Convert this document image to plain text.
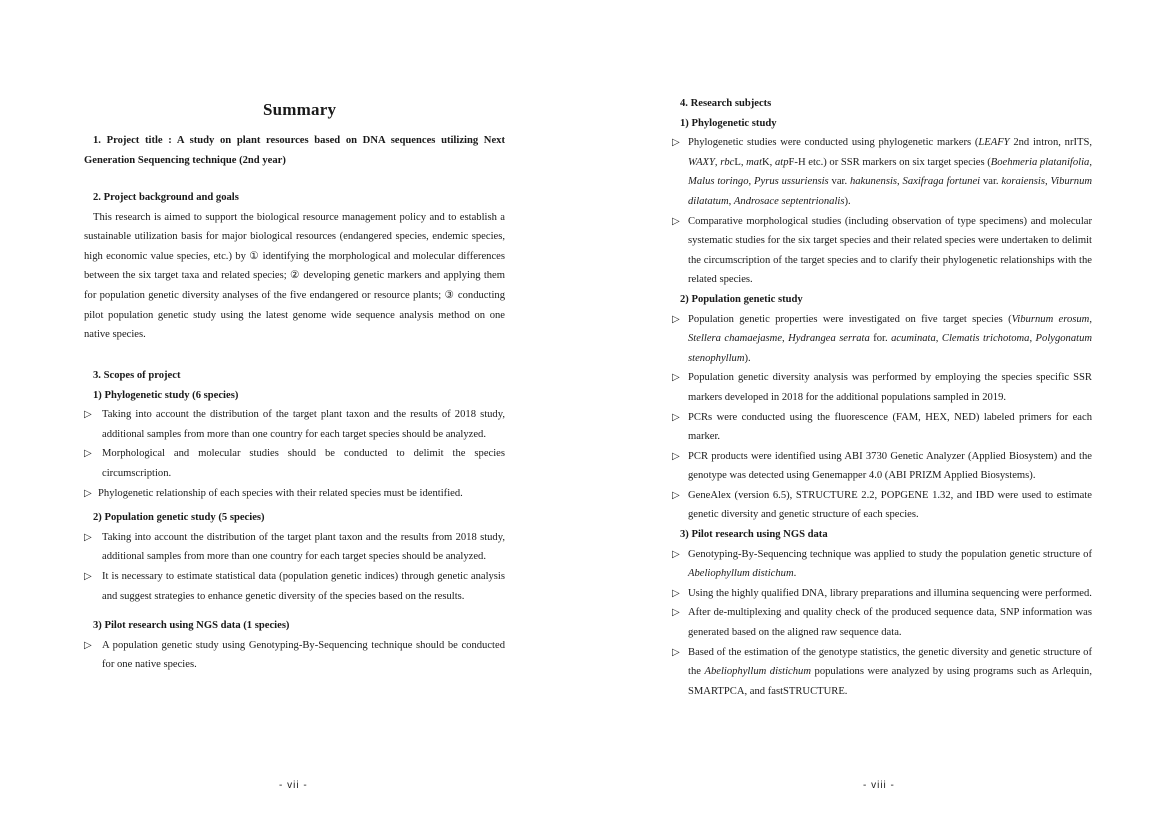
Summary

1. Project title : A study on plant resources based on DNA sequences utilizing Next

Generation Sequencing technique (2nd year)

2. Project background and goals

This research is aimed to support the biological resource management policy and to establish a sustainable utilization basis for major biological resources (endangered species, endemic species, high economic value species, etc.) by ① identifying the morphological and molecular differences between the six target taxa and related species; ② developing genetic markers and applying them for population genetic diversity analyses of the five endangered or resource plants; ③ conducting pilot population genetic study using the latest genome wide sequence analysis method on one native species.

3. Scopes of project

1) Phylogenetic study (6 species)

▷ Taking into account the distribution of the target plant taxon and the results of 2018 study, additional samples from more than one country for each target species should be analyzed.
▷ Morphological and molecular studies should be conducted to delimit the species circumscription.
▷ Phylogenetic relationship of each species with their related species must be identified.

2) Population genetic study (5 species)

▷ Taking into account the distribution of the target plant taxon and the results from 2018 study, additional samples from more than one country for each target species should be analyzed.
▷ It is necessary to estimate statistical data (population genetic indices) through genetic analysis and suggest strategies to enhance genetic diversity of the species based on the results.

3) Pilot research using NGS data (1 species)

▷ A population genetic study using Genotyping-By-Sequencing technique should be conducted for one native species.
- vii -

4. Research subjects

1) Phylogenetic study

▷ Phylogenetic studies were conducted using phylogenetic markers (LEAFY 2nd intron, nrITS, WAXY, rbcL, matK, atpF-H etc.) or SSR markers on six target species (Boehmeria platanifolia, Malus toringo, Pyrus ussuriensis var. hakunensis, Saxifraga fortunei var. koraiensis, Viburnum dilatatum, Androsace septentrionalis).
▷ Comparative morphological studies (including observation of type specimens) and molecular systematic studies for the six target species and their related species were undertaken to delimit the circumscription of the target species and to clarify their phylogenetic relationships with the related species.

2) Population genetic study

▷ Population genetic properties were investigated on five target species (Viburnum erosum, Stellera chamaejasme, Hydrangea serrata for. acuminata, Clematis trichotoma, Polygonatum stenophyllum).
▷ Population genetic diversity analysis was performed by employing the species specific SSR markers developed in 2018 for the additional populations sampled in 2019.
▷ PCRs were conducted using the fluorescence (FAM, HEX, NED) labeled primers for each marker.
▷ PCR products were identified using ABI 3730 Genetic Analyzer (Applied Biosystem) and the genotype was detected using Genemapper 4.0 (ABI PRIZM Applied Biosystems).
▷ GeneAlex (version 6.5), STRUCTURE 2.2, POPGENE 1.32, and IBD were used to estimate genetic diversity and genetic structure of each species.

3) Pilot research using NGS data

▷ Genotyping-By-Sequencing technique was applied to study the population genetic structure of Abeliophyllum distichum.
▷ Using the highly qualified DNA, library preparations and illumina sequencing were performed.
▷ After de-multiplexing and quality check of the produced sequence data, SNP information was generated based on the aligned raw sequence data.
▷ Based of the estimation of the genotype statistics, the genetic diversity and genetic structure of the Abeliophyllum distichum populations were analyzed by using programs such as Arlequin, SMARTPCA, and fastSTRUCTURE.
- viii -
